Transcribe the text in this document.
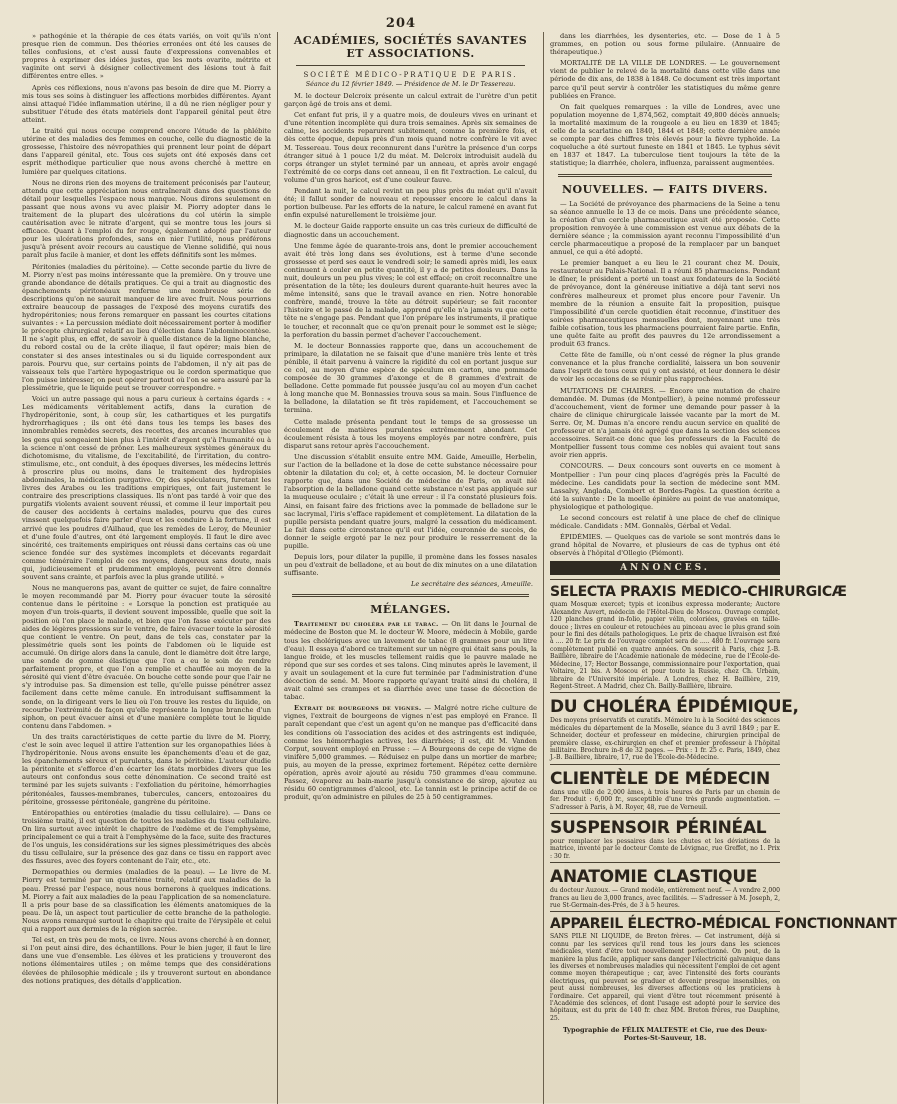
204

» pathogénie et la thérapie de ces états variés, on voit qu'ils n'ont presque rien de commun. Des théories erronées ont été les causes de telles confusions, et c'est aussi faute d'expressions convenables et propres à exprimer des idées justes, que les mots ovarite, métrite et vaginite ont servi à désigner collectivement des lésions tout à fait différentes entre elles. »

Après ces réflexions, nous n'avons pas besoin de dire que M. Piorry a mis tous ses soins à distinguer les affections morbides différentes. Ayant ainsi attaqué l'idée inflammation utérine, il a dû ne rien négliger pour y substituer l'étude des états matériels dont l'appareil génital peut être atteint.

Le traité qui nous occupe comprend encore l'étude de la phlébite utérine et des maladies des femmes en couche, celle du diagnostic de la grossesse, l'histoire des névropathies qui prennent leur point de départ dans l'appareil génital, etc. Tous ces sujets ont été exposés dans cet esprit méthodique particulier que nous avons cherché à mettre en lumière par quelques citations.

Nous ne dirons rien des moyens de traitement préconisés par l'auteur, attendu que cette appréciation nous entraînerait dans des questions de détail pour lesquelles l'espace nous manque. Nous dirons seulement en passant que nous avons vu avec plaisir M. Piorry adopter dans le traitement de la plupart des ulcérations du col utérin la simple cautérisation avec le nitrate d'argent, qui se montre tous les jours si efficace. Quant à l'emploi du fer rouge, également adopté par l'auteur pour les ulcérations profondes, sans en nier l'utilité, nous préférons jusqu'à présent avoir recours au caustique de Vienne solidifié, qui nous paraît plus facile à manier, et dont les effets définitifs sont les mêmes.

Péritonies (maladies du péritoine). — Cette seconde partie du livre de M. Piorry n'est pas moins intéressante que la première. On y trouve une grande abondance de détails pratiques. Ce qui a trait au diagnostic des épanchements péritonéaux renferme une nombreuse série de descriptions qu'on ne saurait manquer de lire avec fruit. Nous pourrions extraire beaucoup de passages de l'exposé des moyens curatifs des hydropéritonies; nous ferons remarquer en passant les courtes citations suivantes : « La percussion médiate doit nécessairement porter à modifier le précepte chirurgical relatif au lieu d'élection dans l'abdominocentèse. Il ne s'agit plus, en effet, de savoir à quelle distance de la ligne blanche, du rebord costal ou de la crête iliaque, il faut opérer; mais bien de constater si des anses intestinales ou si du liquide correspondent aux parois. Pourvu que, sur certains points de l'abdomen, il n'y ait pas de vaisseaux tels que l'artère hypogastrique ou le cordon spermatique que l'on puisse intéresser, on peut opérer partout où l'on se sera assuré par la plessimétrie, que le liquide peut se trouver correspondre. »

Voici un autre passage qui nous a paru curieux à certains égards : « Les médicaments véritablement actifs, dans la curation de l'hydropéritonie, sont, à coup sûr, les cathartiques et les purgatifs hydrorrhagiques ; ils ont été dans tous les temps les bases des innombrables remèdes secrets, des recettes, des arcanes incurables que les gens qui songeaient bien plus à l'intérêt d'argent qu'à l'humanité ou à la science n'ont cessé de prôner. Les malheureux systèmes généraux du dichotomisme, du vitalisme, de l'excitabilité, de l'irritation, du contro-stimulisme, etc., ont conduit, à des époques diverses, les médecins lettrés à proscrire plus ou moins, dans le traitement des hydropisies abdominales, la médication purgative. Or, des spéculateurs, furetant les livres des Arabes ou les traditions empiriques, ont fait justement le contraire des prescriptions classiques. Ils n'ont pas tardé à voir que des purgatifs violents avaient souvent réussi, et comme il leur importait peu de causer des accidents à certains malades, pourvu que des cures vinssent quelquefois faire parler d'eux et les conduire à la fortune, il est arrivé que les poudres d'Ailhaud, que les remèdes de Leroy, de Meunier et d'une foule d'autres, ont été largement employés. Il faut le dire avec sincérité, ces traitements empiriques ont réussi dans certains cas où une science fondée sur des systèmes incomplets et décevants regardait comme téméraire l'emploi de ces moyens, dangereux sans doute, mais qui, judicieusement et prudemment employés, peuvent être donnés souvent sans crainte, et parfois avec la plus grande utilité. »

Nous ne manquerons pas, avant de quitter ce sujet, de faire connaître le moyen recommandé par M. Piorry pour évacuer toute la sérosité contenue dans le péritoine : « Lorsque la ponction est pratiquée au moyen d'un trois-quarts, il devient souvent impossible, quelle que soit la position où l'on place le malade, et bien que l'on fasse exécuter par des aides de légères pressions sur le ventre, de faire évacuer toute la sérosité que contient le ventre. On peut, dans de tels cas, constater par la plessimétrie quels sont les points de l'abdomen où le liquide est accumulé. On dirige alors dans la canule, dont le diamètre doit être large, une sonde de gomme élastique que l'on a eu le soin de rendre parfaitement propre, et que l'on a remplie et chauffée au moyen de la sérosité qui vient d'être évacuée. On bouche cette sonde pour que l'air ne s'y introduise pas. Sa dimension est telle, qu'elle puisse pénétrer assez facilement dans cette même canule. En introduisant suffisamment la sonde, on la dirigeant vers le lieu où l'on trouve les restes du liquide, on recourbe l'extrémité de façon qu'elle représente la longue branche d'un siphon, on peut évacuer ainsi et d'une manière complète tout le liquide contenu dans l'abdomen. »

Un des traits caractéristiques de cette partie du livre de M. Piorry, c'est le soin avec lequel il attire l'attention sur les organopathies liées à l'hydropéritonie. Nous avons ensuite les épanchements d'eau et de gaz, les épanchements séreux et purulents, dans le péritoine. L'auteur étudie la péritonite et s'efforce d'en écarter les états morbides divers que les auteurs ont confondus sous cette dénomination. Ce second traité est terminé par les sujets suivants : l'exfoliation du péritoine, hémorrhagies péritonéales, fausses-membranes, tubercules, cancers, entozoaires du péritoine, grossesse péritonéale, gangrène du péritoine.

Entéropathies ou entéroties (maladie du tissu cellulaire). — Dans ce troisième traité, il est question de toutes les maladies du tissu cellulaire. On lira surtout avec intérêt le chapitre de l'œdème et de l'emphysème, principalement ce qui a trait à l'emphysème de la face, suite des fractures de l'os unguis, les considérations sur les signes plessimétriques des abcès du tissu cellulaire, sur la présence des gaz dans ce tissu en rapport avec des fissures, avec des foyers contenant de l'air, etc., etc.

Dermopathies ou dermies (maladies de la peau). — Le livre de M. Piorry est terminé par un quatrième traité, relatif aux maladies de la peau. Pressé par l'espace, nous nous bornerons à quelques indications. M. Piorry a fait aux maladies de la peau l'application de sa nomenclature. Il a pris pour base de sa classification les éléments anatomiques de la peau. De là, un aspect tout particulier de cette branche de la pathologie. Nous avons remarqué surtout le chapitre qui traite de l'érysipèle et celui qui a rapport aux dermies de la région sacrée.

Tel est, en très peu de mots, ce livre. Nous avons cherché à en donner, si l'on peut ainsi dire, des échantillons. Pour le bien juger, il faut le lire dans une vue d'ensemble. Les élèves et les praticiens y trouveront des notions élémentaires utiles ; on même temps que des considérations élevées de philosophie médicale ; ils y trouveront surtout en abondance des notions pratiques, des détails d'application.

ACADÉMIES, SOCIÉTÉS SAVANTES ET ASSOCIATIONS.
SOCIÉTÉ MÉDICO-PRATIQUE DE PARIS.
Séance du 12 février 1849. — Présidence de M. le Dr Tessereau.

M. le docteur Delcroix présente un calcul extrait de l'urètre d'un petit garçon âgé de trois ans et demi.

Cet enfant fut pris, il y a quatre mois, de douleurs vives en urinant et d'une rétention incomplète qui dura trois semaines. Après six semaines de calme, les accidents reparurent subitement, comme la première fois, et dès cette époque, depuis près d'un mois quand notre confrère le vit avec M. Tessereau. Tous deux reconnurent dans l'urètre la présence d'un corps étranger situé à 1 pouce 1/2 du méat. M. Delcroix introduisit audelà du corps étranger un stylet terminé par un anneau, et après avoir engagé l'extrémité de ce corps dans cet anneau, il en fit l'extraction. Le calcul, du volume d'un gros haricot, est d'une couleur fauve.

Pendant la nuit, le calcul revint un peu plus près du méat qu'il n'avait été; il fallut sonder de nouveau et repousser encore le calcul dans la portion bulbeuse. Par les efforts de la nature, le calcul ramené en avant fut enfin expulsé naturellement le troisième jour.

M. le docteur Gaide rapporte ensuite un cas très curieux de difficulté de diagnostic dans un accouchement.

Une femme âgée de quarante-trois ans, dont le premier accouchement avait été très long dans ses évolutions, est à terme d'une seconde grossesse et perd ses eaux le vendredi soir; le samedi après midi, les eaux continuent à couler en petite quantité, il y a de petites douleurs. Dans la nuit, douleurs un peu plus vives; le col est effacé; on croit reconnaître une présentation de la tête; les douleurs durent quarante-huit heures avec la même intensité, sans que le travail avance en rien. Notre honorable confrère, mandé, trouve la tête au détroit supérieur; se fait raconter l'histoire et le passé de la malade, apprend qu'elle n'a jamais vu que cette tête ne s'engage pas. Pendant que l'on prépare les instruments, il pratique le toucher, et reconnaît que ce qu'on prenait pour le sommet est le siège; la perforation du bassin permet d'achever l'accouchement.

M. le docteur Bonnassies rapporte que, dans un accouchement de primipare, la dilatation ne se faisait que d'une manière très lente et très pénible, il était parvenu à vaincre la rigidité du col en portant jusque sur ce col, au moyen d'une espèce de spéculum en carton, une pommade composée de 30 grammes d'axonge et de 8 grammes d'extrait de belladone. Cette pommade fut poussée jusqu'au col au moyen d'un cachet à long manche que M. Bonnassies trouva sous sa main. Sous l'influence de la belladone, la dilatation se fit très rapidement, et l'accouchement se termina.

Cette malade présenta pendant tout le temps de sa grossesse un écoulement de matières purulentes extrêmement abondant. Cet écoulement résista à tous les moyens employés par notre confrère, puis disparut sans retour après l'accouchement.

Une discussion s'établit ensuite entre MM. Gaide, Ameuille, Herbelin, sur l'action de la belladone et la dose de cette substance nécessaire pour obtenir la dilatation du col; et, à cette occasion, M. le docteur Cornuier rapporte que, dans une Société de médecine de Paris, on avait nié l'absorption de la belladone quand cette substance n'est pas appliquée sur la muqueuse oculaire ; c'était là une erreur : il l'a constaté plusieurs fois. Ainsi, en faisant faire des frictions avec la pommade de belladone sur le sac lacrymal, l'iris s'efface rapidement et complètement. La dilatation de la pupille persista pendant quatre jours, malgré la cessation du médicament. Le fait dans cette circonstance qu'il eut l'idée, couronnée de succès, de donner le seigle ergoté par le nez pour produire le resserrement de la pupille.

Depuis lors, pour dilater la pupille, il promène dans les fosses nasales un peu d'extrait de belladone, et au bout de dix minutes on a une dilatation suffisante.

Le secrétaire des séances, Ameuille.
MÉLANGES.

Traitement du choléra par le tabac. — On lit dans le Journal de médecine de Boston que M. le docteur W. Moore, médecin à Mobile, garde tous les cholériques avec un lavement de tabac (8 grammes pour un litre d'eau). Il essaya d'abord ce traitement sur un nègre qui était sans pouls, la langue froide, et les muscles tellement raidis que le pauvre malade ne répond que sur ses cordes et ses talons. Cinq minutes après le lavement, il y avait un soulagement et la cure fut terminée par l'administration d'une décoction de sené. M. Moore rapporte qu'ayant traité ainsi du choléra, il avait calmé ses crampes et sa diarrhée avec une tasse de décoction de tabac.

Extrait de bourgeons de vignes. — Malgré notre riche culture de vignes, l'extrait de bourgeons de vignes n'est pas employé en France. Il paraît cependant que c'est un agent qu'on ne manque pas d'efficacité dans les conditions où l'association des acides et des astringents est indiquée, comme les hémorrhagies actives, les diarrhées; il est, dit M. Vanden Corput, souvent employé en Prusse : — A Bourgeons de cepe de vigne de vinifère 5,000 grammes. — Réduisez en pulpe dans un mortier de marbre; puis, au moyen de la presse, exprimez fortement. Répétez cette dernière opération, après avoir ajouté au résidu 750 grammes d'eau commune. Passez, évaporez au bain-marie jusqu'à consistance de sirop, ajoutez au résidu 60 centigrammes d'alcool, etc. Le tannin est le principe actif de ce produit, qu'on administre en pilules de 25 à 50 centigrammes.

dans les diarrhées, les dysenteries, etc. — Dose de 1 à 5 grammes, en potion ou sous forme pilulaire. (Annuaire de thérapeutique.)

MORTALITÉ DE LA VILLE DE LONDRES. — Le gouvernement vient de publier le relevé de la mortalité dans cette ville dans une période de dix ans, de 1838 à 1848. Ce document est très important parce qu'il peut servir à contrôler les statistiques du même genre publiées en France.

On fait quelques remarques : la ville de Londres, avec une population moyenne de 1,874,562, comptait 49,800 décès annuels; la mortalité maximum de la rougeole a eu lieu en 1839 et 1845; celle de la scarlatine en 1840, 1844 et 1848; cette dernière année se compte par des chiffres très élevés pour la fièvre typhoïde. La coqueluche a été surtout funeste en 1841 et 1845. Le typhus sévit en 1837 et 1847. La tuberculose tient toujours la tête de la statistique; la diarrhée, cholera, influenza, paraissent augmentées.

NOUVELLES. — FAITS DIVERS.

— La Société de prévoyance des pharmaciens de la Seine a tenu sa séance annuelle le 13 de ce mois. Dans une précédente séance, la création d'un cercle pharmaceutique avait été proposée. Cette proposition renvoyée à une commission est venue aux débats de la dernière séance ; la commission ayant reconnu l'impossibilité d'un cercle pharmaceutique a proposé de la remplacer par un banquet annuel, ce qui a été adopté.

Le premier banquet a eu lieu le 21 courant chez M. Douix, restaurateur au Palais-National. Il a réuni 85 pharmaciens. Pendant le dîner, le président a porté un toast aux fondateurs de la Société de prévoyance, dont la généreuse initiative a déjà tant servi nos confrères malheureux et promet plus encore pour l'avenir. Un membre de la réunion a ensuite fait la proposition, puisque l'impossibilité d'un cercle quotidien était reconnue, d'instituer des soirées pharmaceutiques mensuelles dont, moyennant une très faible cotisation, tous les pharmaciens pourraient faire partie. Enfin, une quête faite au profit des pauvres du 12e arrondissement a produit 63 francs.

Cette fête de famille, où n'ont cessé de régner la plus grande convenance et la plus franche cordialité, laissera un bon souvenir dans l'esprit de tous ceux qui y ont assisté, et leur donnera le désir de voir les occasions de se réunir plus rapprochées.

MUTATIONS DE CHAIRES. — Encore une mutation de chaire demandée. M. Dumas (de Montpellier), à peine nommé professeur d'accouchement, vient de former une demande pour passer à la chaire de clinique chirurgicale laissée vacante par la mort de M. Serre. Or, M. Dumas n'a encore rendu aucun service en qualité de professeur et n'a jamais été agrégé que dans la section des sciences accessoires. Serait-ce donc que les professeurs de la Faculté de Montpellier fussent tous comme ces nobles qui avaient tout sans avoir rien appris.

CONCOURS. — Deux concours sont ouverts en ce moment à Montpellier : l'un pour cinq places d'agrégés près la Faculté de médecine. Les candidats pour la section de médecine sont MM. Lassalvy, Anglada, Combert et Bordes-Pagès. La question écrite a été la suivante : De la moelle épinière au point de vue anatomique, physiologique et pathologique.

Le second concours est relatif à une place de chef de clinique médicale. Candidats : MM. Gonnalès, Gérbal et Vedal.

ÉPIDÉMIES. — Quelques cas de variole se sont montrés dans le grand hôpital de Novarre, et plusieurs de cas de typhus ont été observés à l'hôpital d'Ollegio (Piémont).

ANNONCES.
SELECTA PRAXIS MEDICO-CHIRURGICÆ

quam Mosquæ exercet; typis et iconibus expressa moderante; Auctore Alexandre Auvert, médecin de l'Hôtel-Dieu de Moscou. Ouvrage complet, 120 planches grand in-folio, papier vélin, coloriées, gravées en taille-douce ; livres en couleur et retouchées au pinceau avec le plus grand soin pour le fini des détails pathologiques. Le prix de chaque livraison est fixé à .... 20 fr. Le prix de l'ouvrage complet sera de ..... 480 fr. L'ouvrage sera complètement publié en quatre années. On souscrit à Paris, chez J.-B. Baillière, libraire de l'Académie nationale de médecine, rue de l'École-de-Médecine, 17; Hector Bossange, commissionnaire pour l'exportation, quai Voltaire, 21 bis. A Moscou et pour toute la Russie, chez Ch. Urbain, libraire de l'Université impériale. A Londres, chez H. Baillière, 219, Regent-Street. A Madrid, chez Ch. Bailly-Baillière, libraire.

DU CHOLÉRA ÉPIDÉMIQUE,

Des moyens préservatifs et curatifs. Mémoire lu à la Société des sciences médicales du département de la Moselle, séance du 3 avril 1849 ; par E. Schneider, docteur et professeur en médecine, chirurgien principal de première classe, ex-chirurgien en chef et premier professeur à l'hôpital militaire. Brochure in-8 de 32 pages. — Prix : 1 fr. 25 c. Paris, 1849, chez J.-B. Baillière, libraire, 17, rue de l'École-de-Médecine.

CLIENTÈLE DE MÉDECIN

dans une ville de 2,000 âmes, à trois heures de Paris par un chemin de fer. Produit : 6,000 fr., susceptible d'une très grande augmentation. — S'adresser à Paris, à M. Royer, 48, rue de Verneuil.

SUSPENSOIR PÉRINÉAL

pour remplacer les pessaires dans les chutes et les déviations de la matrice, inventé par le docteur Comte de Lévignac, rue Greffet, no 1. Prix : 30 fr.

ANATOMIE CLASTIQUE

du docteur Auzoux. — Grand modèle, entièrement neuf. — A vendre 2,000 francs au lieu de 3,000 francs, avec facilités. — S'adresser à M. Joseph, 2, rue St-Germain-des-Prés, de 3 à 5 heures.

APPAREIL ÉLECTRO-MÉDICAL FONCTIONNANT

SANS PILE NI LIQUIDE, de Breton frères. — Cet instrument, déjà si connu par les services qu'il rend tous les jours dans les sciences médicales, vient d'être tout nouvellement perfectionné. On peut, de la manière la plus facile, appliquer sans danger l'électricité galvanique dans les diverses et nombreuses maladies qui nécessitent l'emploi de cet agent comme moyen thérapeutique ; car, avec l'intensité des forts courants électriques, qui peuvent se graduer et devenir presque insensibles, on peut aussi nombreuses, les diverses affections où les praticiens à l'ordinaire. Cet appareil, qui vient d'être tout récemment présenté à l'Académie des sciences, et dont l'usage est adopté pour le service des hôpitaux, est du prix de 140 fr. chez MM. Breton frères, rue Dauphine, 25.

Typographie de FÉLIX MALTESTE et Cie, rue des Deux-Portes-St-Sauveur, 18.
